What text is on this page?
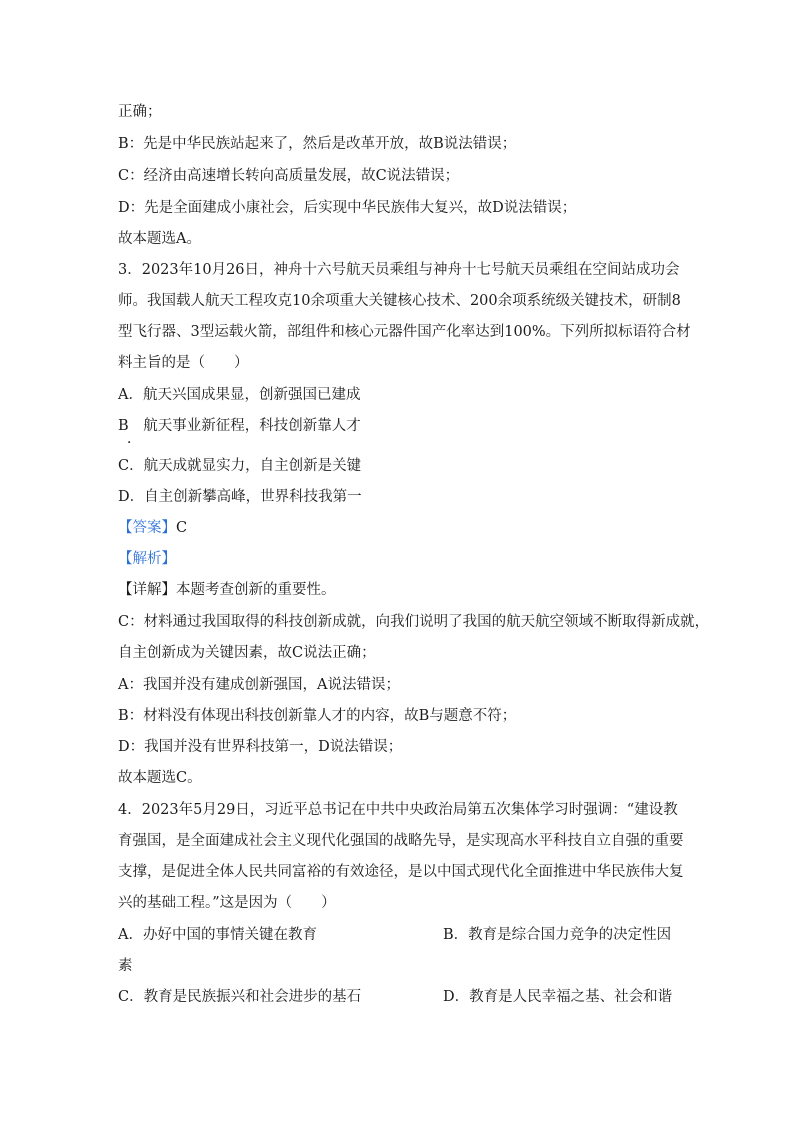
正确；
B：先是中华民族站起来了，然后是改革开放，故B说法错误；
C：经济由高速增长转向高质量发展，故C说法错误；
D：先是全面建成小康社会，后实现中华民族伟大复兴，故D说法错误；
故本题选A。
3．2023年10月26日，神舟十六号航天员乘组与神舟十七号航天员乘组在空间站成功会
师。我国载人航天工程攻克10余项重大关键核心技术、200余项系统级关键技术，研制8
型飞行器、3型运载火箭，部组件和核心元器件国产化率达到100%。下列所拟标语符合材
料主旨的是（　　）
A．航天兴国成果显，创新强国已建成
B 航天事业新征程，科技创新靠人才
．
C．航天成就显实力，自主创新是关键
D．自主创新攀高峰，世界科技我第一
【答案】C
【解析】
【详解】本题考查创新的重要性。
C：材料通过我国取得的科技创新成就，向我们说明了我国的航天航空领域不断取得新成就，
自主创新成为关键因素，故C说法正确；
A：我国并没有建成创新强国，A说法错误；
B：材料没有体现出科技创新靠人才的内容，故B与题意不符；
D：我国并没有世界科技第一，D说法错误；
故本题选C。
4．2023年5月29日，习近平总书记在中共中央政治局第五次集体学习时强调：“建设教
育强国，是全面建成社会主义现代化强国的战略先导，是实现高水平科技自立自强的重要
支撑，是促进全体人民共同富裕的有效途径，是以中国式现代化全面推进中华民族伟大复
兴的基础工程。”这是因为（　　）
A．办好中国的事情关键在教育	B．教育是综合国力竞争的决定性因
素
C．教育是民族振兴和社会进步的基石	D．教育是人民幸福之基、社会和谐
